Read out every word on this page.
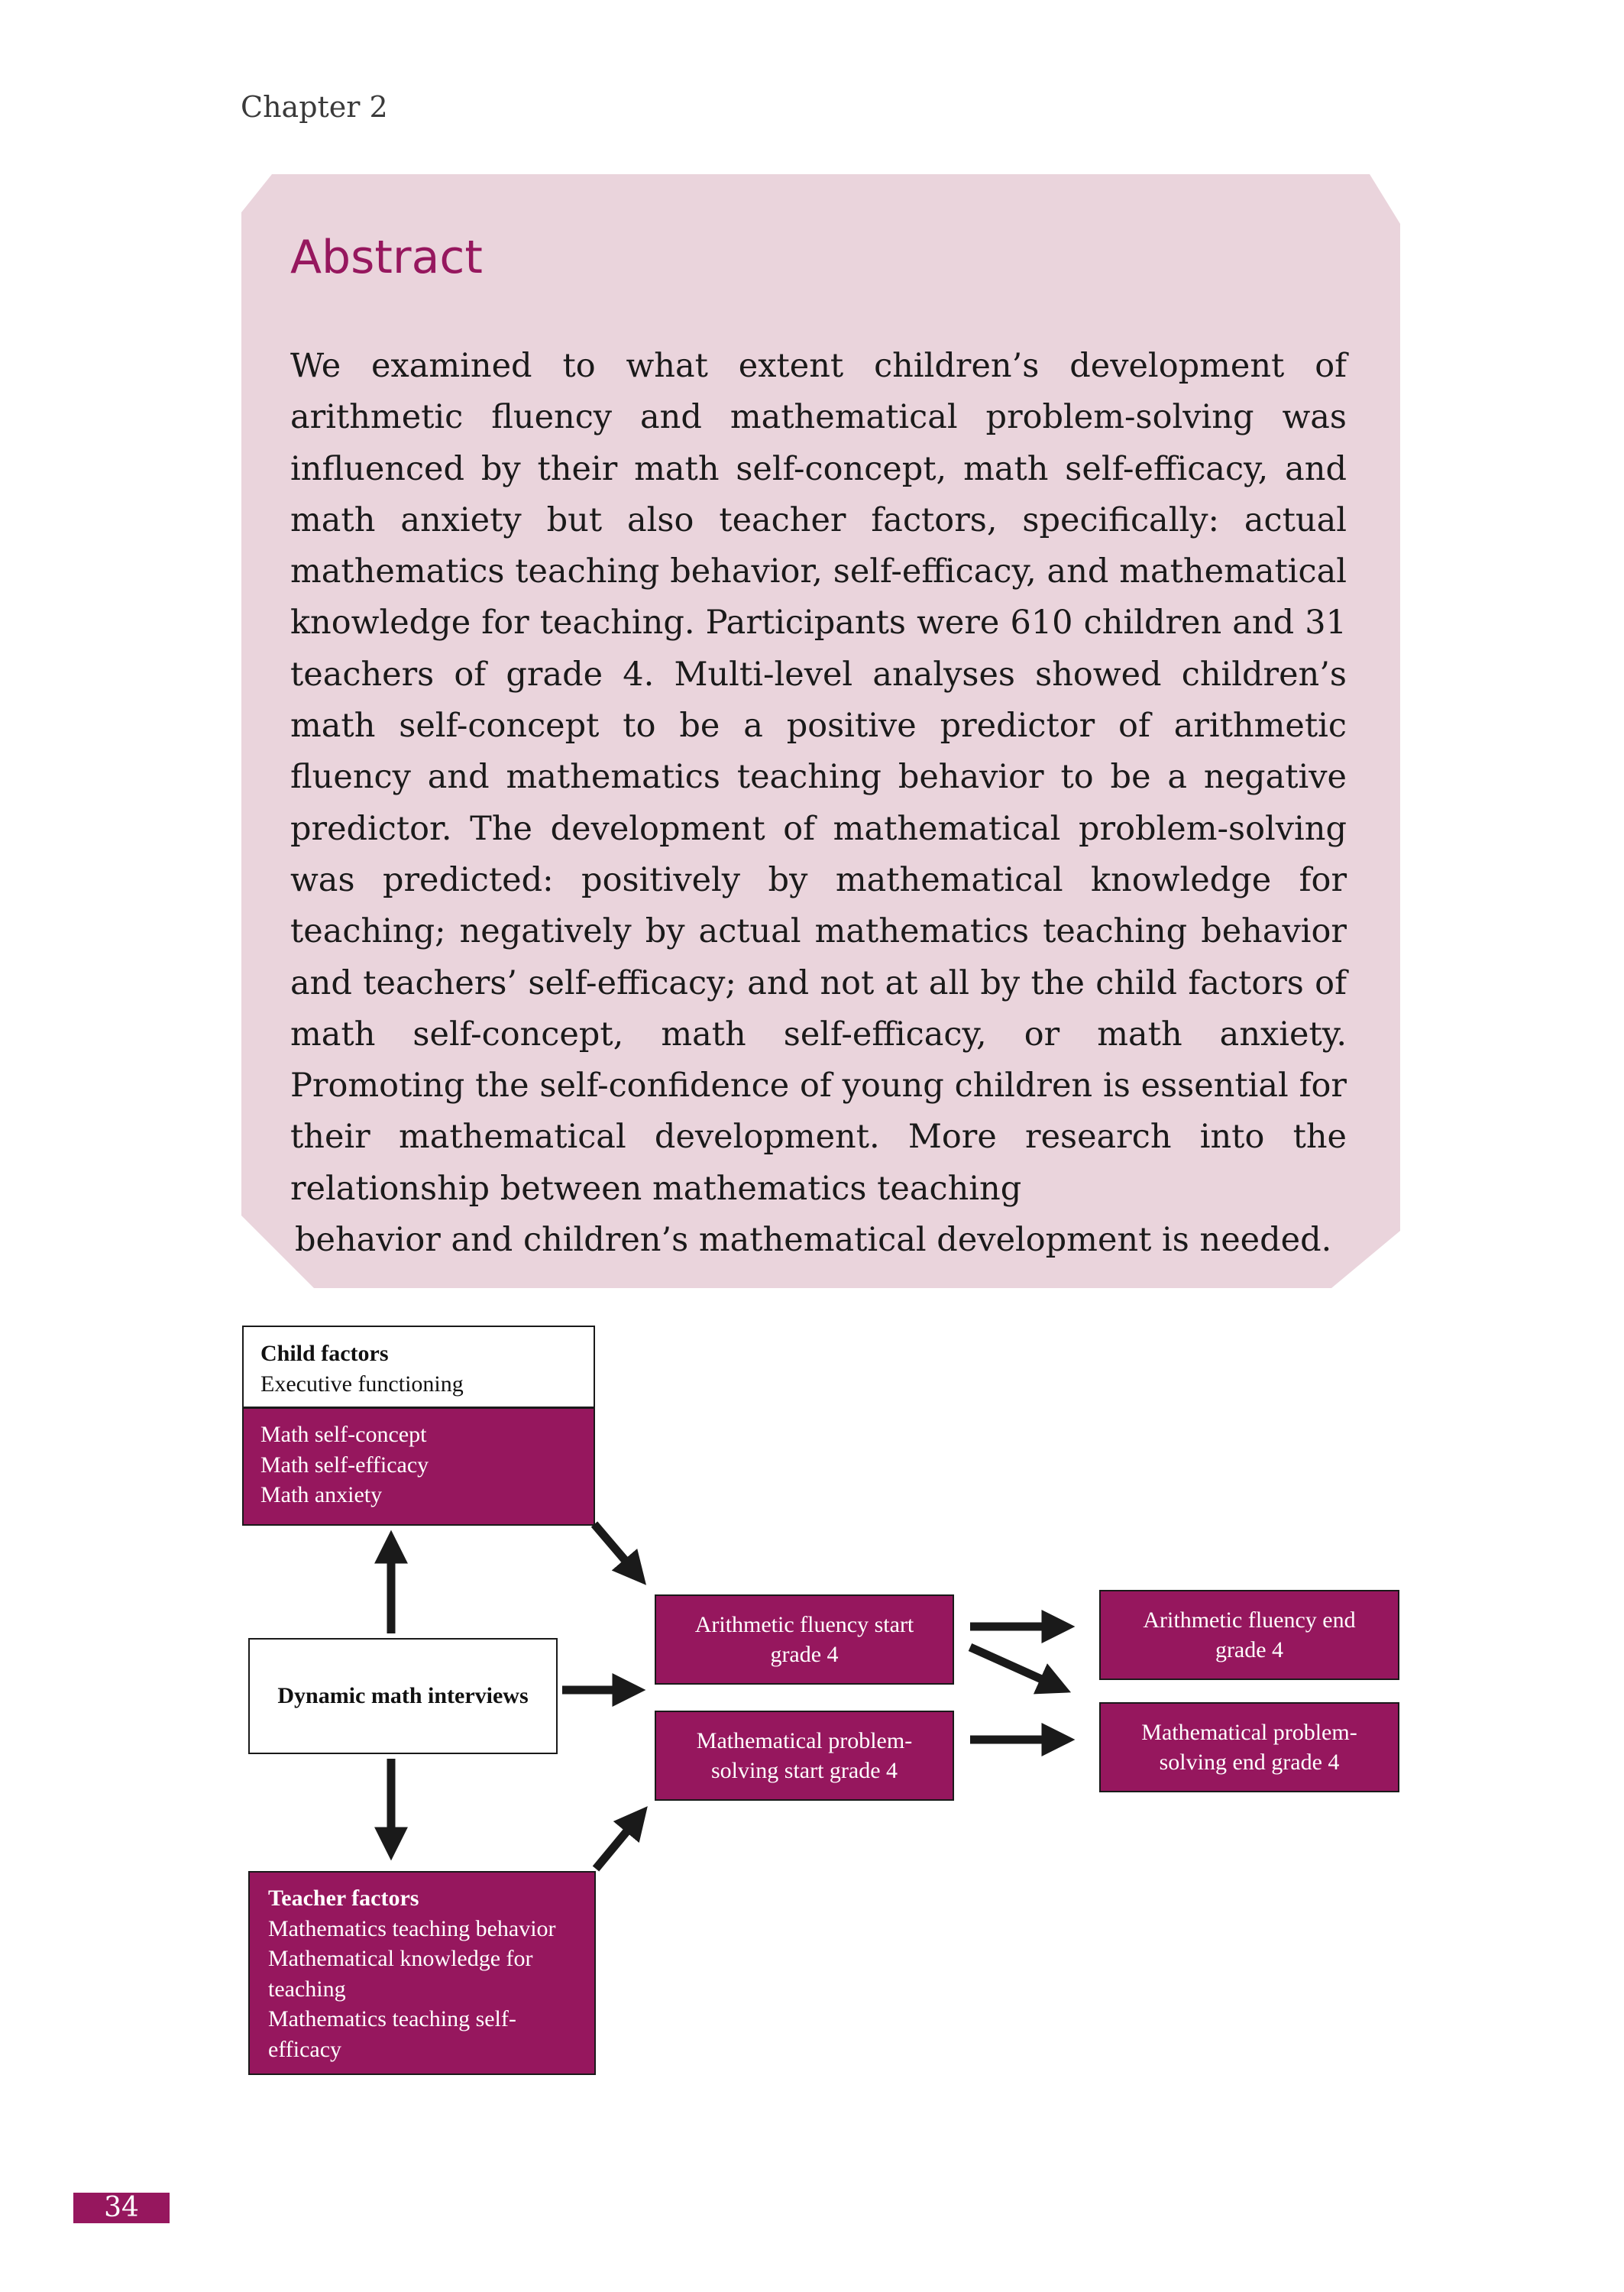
Chapter 2
Abstract

We examined to what extent children’s development of arithmetic fluency and mathematical problem-solving was influenced by their math self-concept, math self-efficacy, and math anxiety but also teacher factors, specifically: actual mathematics teaching behavior, self-efficacy, and mathematical knowledge for teaching. Participants were 610 children and 31 teachers of grade 4. Multi-level analyses showed children’s math self-concept to be a positive predictor of arithmetic fluency and mathematics teaching behavior to be a negative predictor. The development of mathematical problem-solving was predicted: positively by mathematical knowledge for teaching; negatively by actual mathematics teaching behavior and teachers’ self-efficacy; and not at all by the child factors of math self-concept, math self-efficacy, or math anxiety. Promoting the self-confidence of young children is essential for their mathematical development. More research into the relationship between mathematics teaching
behavior and children’s mathematical development is needed.

Child factors
Executive functioning
Math self-concept
Math self-efficacy
Math anxiety
Dynamic math interviews
Teacher factors
Mathematics teaching behavior
Mathematical knowledge for
teaching
Mathematics teaching self-
efficacy
Arithmetic fluency start
grade 4
Mathematical problem-
solving start grade 4
Arithmetic fluency end
grade 4
Mathematical problem-
solving end grade 4
34
